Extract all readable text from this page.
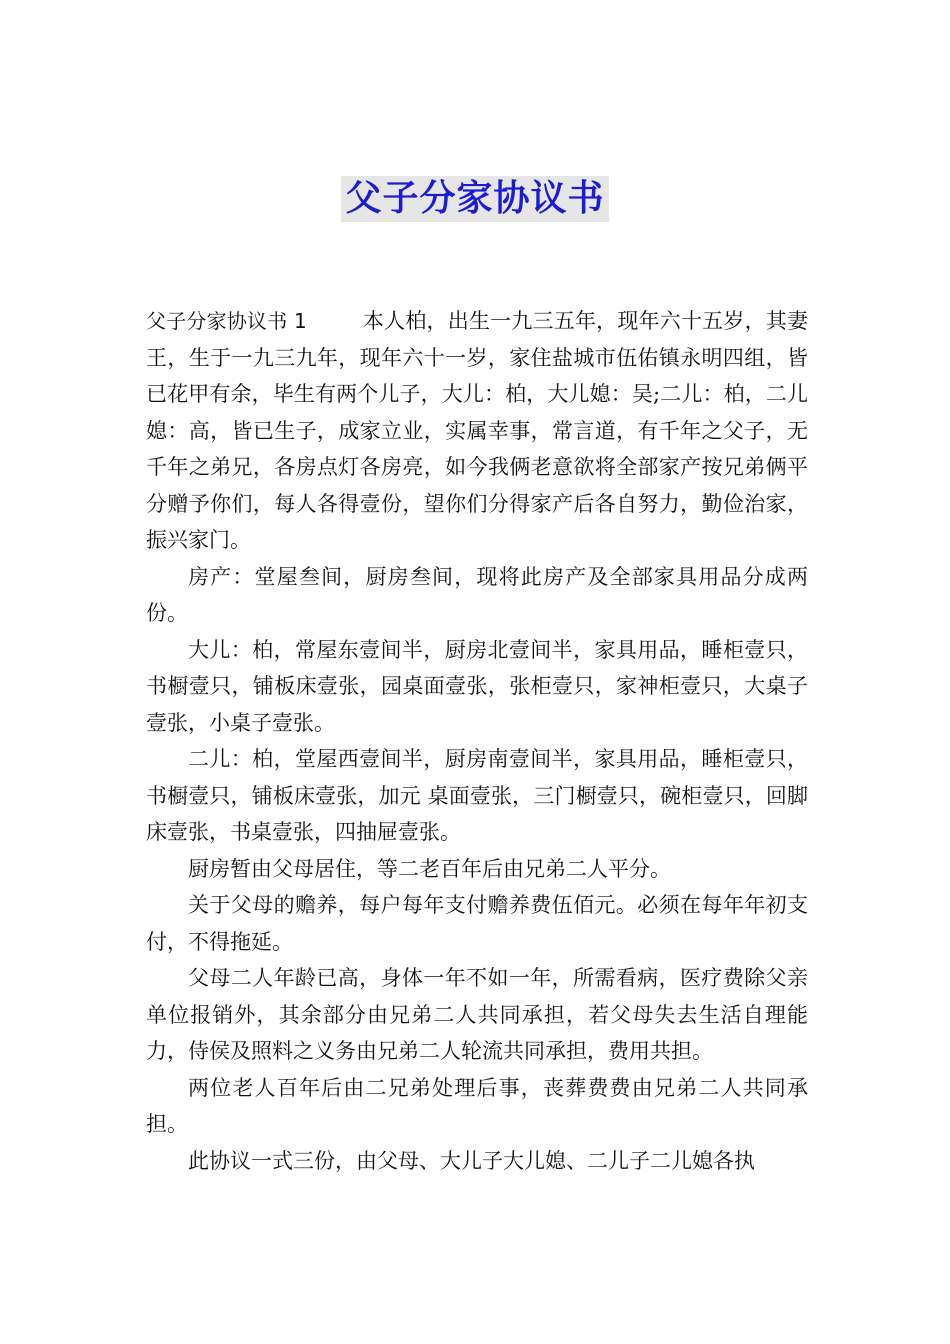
父子分家协议书

父子分家协议书 1	本人柏，出生一九三五年，现年六十五岁，其妻王，生于一九三九年，现年六十一岁，家住盐城市伍佑镇永明四组，皆已花甲有余，毕生有两个儿子，大儿：柏，大儿媳：吴;二儿：柏，二儿媳：高，皆已生子，成家立业，实属幸事，常言道，有千年之父子，无千年之弟兄，各房点灯各房亮，如今我俩老意欲将全部家产按兄弟俩平分赠予你们，每人各得壹份，望你们分得家产后各自努力，勤俭治家，振兴家门。

房产：堂屋叁间，厨房叁间，现将此房产及全部家具用品分成两份。

大儿：柏，常屋东壹间半，厨房北壹间半，家具用品，睡柜壹只，书橱壹只，铺板床壹张，园桌面壹张，张柜壹只，家神柜壹只，大桌子壹张，小桌子壹张。

二儿：柏，堂屋西壹间半，厨房南壹间半，家具用品，睡柜壹只，书橱壹只，铺板床壹张，加元 桌面壹张，三门橱壹只，碗柜壹只，回脚床壹张，书桌壹张，四抽屉壹张。

厨房暂由父母居住，等二老百年后由兄弟二人平分。

关于父母的赡养，每户每年支付赡养费伍佰元。必须在每年年初支付，不得拖延。

父母二人年龄已高，身体一年不如一年，所需看病，医疗费除父亲单位报销外，其余部分由兄弟二人共同承担，若父母失去生活自理能力，侍侯及照料之义务由兄弟二人轮流共同承担，费用共担。

两位老人百年后由二兄弟处理后事，丧葬费费由兄弟二人共同承担。

此协议一式三份，由父母、大儿子大儿媳、二儿子二儿媳各执
